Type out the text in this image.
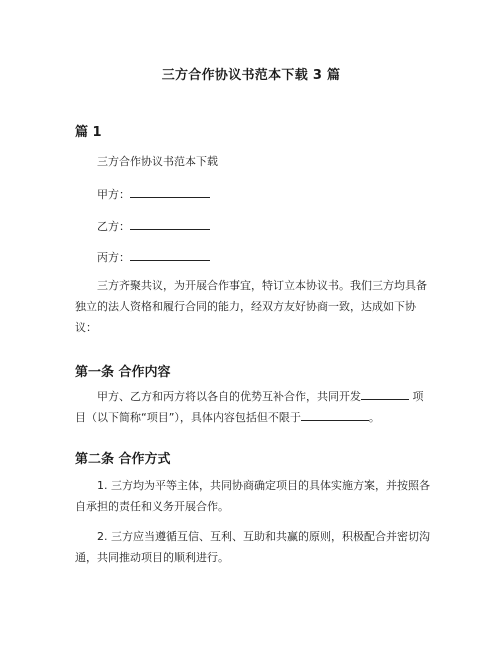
三方合作协议书范本下载 3 篇
篇 1
三方合作协议书范本下载
甲方：
乙方：
丙方：
三方齐聚共议，为开展合作事宜，特订立本协议书。我们三方均具备独立的法人资格和履行合同的能力，经双方友好协商一致，达成如下协议：
第一条 合作内容
甲方、乙方和丙方将以各自的优势互补合作，共同开发	项目（以下简称“项目”），具体内容包括但不限于	。
第二条 合作方式
1. 三方均为平等主体，共同协商确定项目的具体实施方案，并按照各自承担的责任和义务开展合作。
2. 三方应当遵循互信、互利、互助和共赢的原则，积极配合并密切沟通，共同推动项目的顺利进行。
